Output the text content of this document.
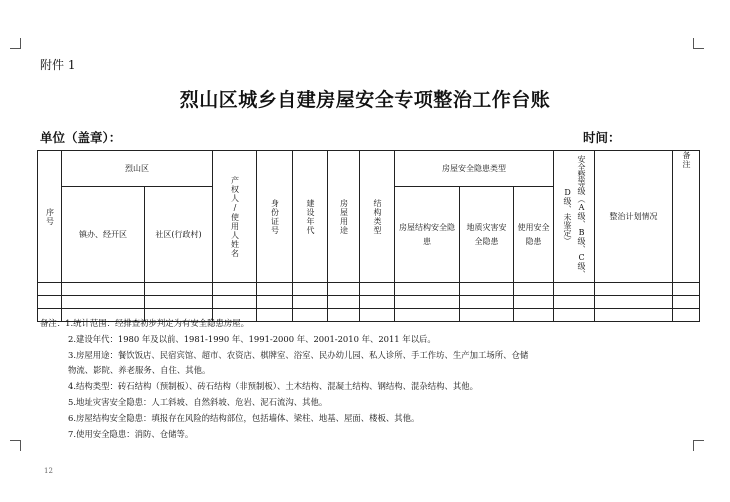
附件 1
烈山区城乡自建房屋安全专项整治工作台账
单位（盖章）：	时间：
序号	烈山区		产权人/使用人姓名	身份证号	建设年代	房屋用途	结构类型	房屋安全隐患类型			安全整等级（A级、B级、C级、D级、未鉴定）	整治计划情况	备注

	镇办、经开区	社区(行政村)						房屋结构安全隐患	地质灾害安全隐患	使用安全隐患			

备注：1.统计范围：经排查初步判定为有安全隐患房屋。
2.建设年代：1980 年及以前、1981-1990 年、1991-2000 年、2001-2010 年、2011 年以后。
3.房屋用途：餐饮饭店、民宿宾馆、超市、农资店、棋牌室、浴室、民办幼儿园、私人诊所、手工作坊、生产加工场所、仓储
物流、影院、养老服务、自住、其他。
4.结构类型：砖石结构（预制板）、砖石结构（非预制板）、土木结构、混凝土结构、钢结构、混杂结构、其他。
5.地址灾害安全隐患：人工斜坡、自然斜坡、危岩、泥石流沟、其他。
6.房屋结构安全隐患：填报存在风险的结构部位，包括墙体、梁柱、地基、屋面、楼板、其他。
7.使用安全隐患：消防、仓储等。
12
